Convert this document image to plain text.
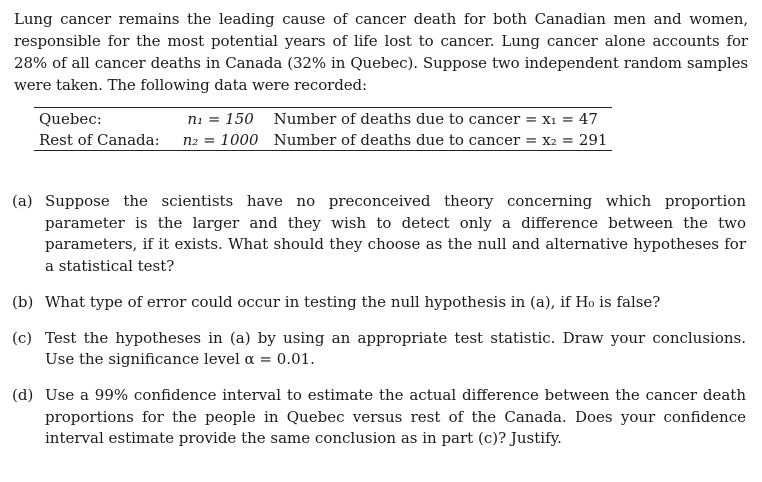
Lung cancer remains the leading cause of cancer death for both Canadian men and women, responsible for the most potential years of life lost to cancer. Lung cancer alone accounts for 28% of all cancer deaths in Canada (32% in Quebec). Suppose two independent random samples were taken. The following data were recorded:

Quebec:	n₁ = 150	Number of deaths due to cancer = x₁ = 47
Rest of Canada:	n₂ = 1000	Number of deaths due to cancer = x₂ = 291
(a) Suppose the scientists have no preconceived theory concerning which proportion parameter is the larger and they wish to detect only a difference between the two parameters, if it exists. What should they choose as the null and alternative hypotheses for a statistical test?
(b) What type of error could occur in testing the null hypothesis in (a), if H₀ is false?
(c) Test the hypotheses in (a) by using an appropriate test statistic. Draw your conclusions. Use the significance level α = 0.01.
(d) Use a 99% confidence interval to estimate the actual difference between the cancer death proportions for the people in Quebec versus rest of the Canada. Does your confidence interval estimate provide the same conclusion as in part (c)? Justify.
